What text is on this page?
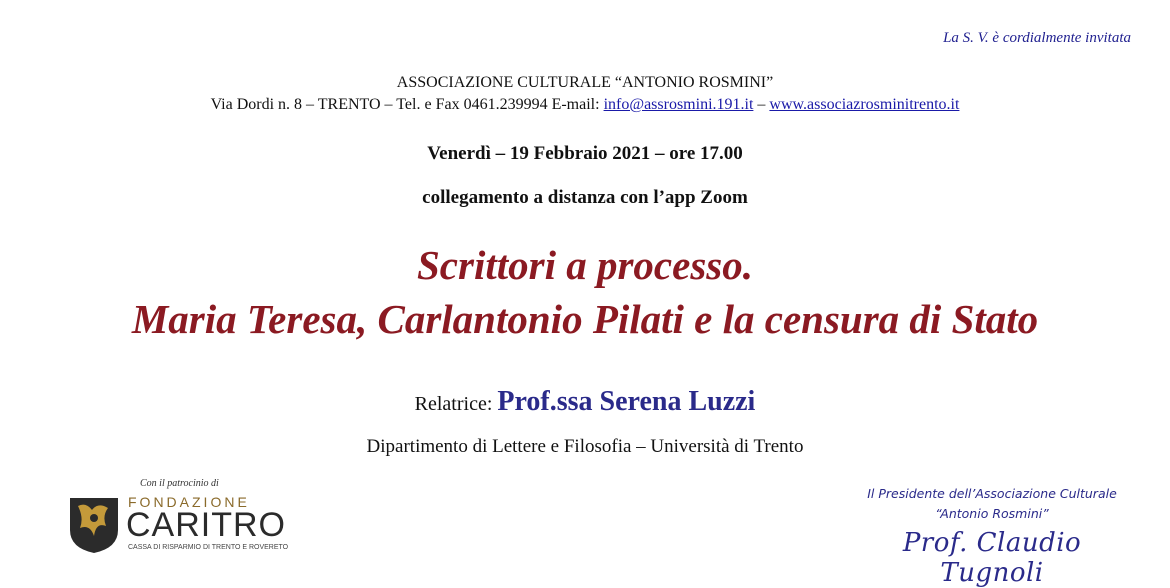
La S. V. è cordialmente invitata
ASSOCIAZIONE CULTURALE “ANTONIO ROSMINI”
Via Dordi n. 8 – TRENTO – Tel. e Fax 0461.239994 E-mail: info@assrosmini.191.it – www.associazrosminitrento.it
Venerdì – 19 Febbraio 2021 – ore 17.00
collegamento a distanza con l’app Zoom
Scrittori a processo.
Maria Teresa, Carlantonio Pilati e la censura di Stato
Relatrice: Prof.ssa Serena Luzzi
Dipartimento di Lettere e Filosofia – Università di Trento
Con il patrocinio di
FONDAZIONE
CARITRO
CASSA DI RISPARMIO DI TRENTO E ROVERETO
Il Presidente dell’Associazione Culturale
“Antonio Rosmini”
Prof. Claudio Tugnoli
